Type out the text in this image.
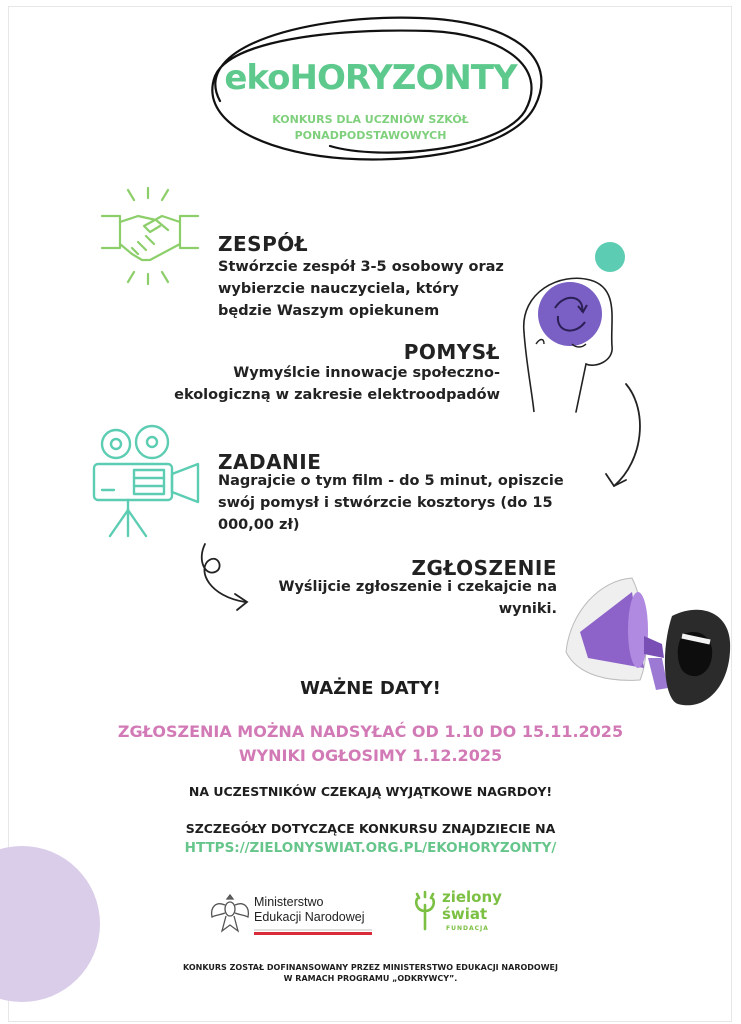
ekoHORYZONTY
KONKURS DLA UCZNIÓW SZKÓŁ
PONADPODSTAWOWYCH
ZESPÓŁ
Stwórzcie zespół 3-5 osobowy oraz
wybierzcie nauczyciela, który
będzie Waszym opiekunem
POMYSŁ
Wymyślcie innowacje społeczno-
ekologiczną w zakresie elektroodpadów
ZADANIE
Nagrajcie o tym film - do 5 minut, opiszcie
swój pomysł i stwórzcie kosztorys (do 15
000,00 zł)
ZGŁOSZENIE
Wyślijcie zgłoszenie i czekajcie na
wyniki.
WAŻNE DATY!
ZGŁOSZENIA MOŻNA NADSYŁAĆ OD 1.10 DO 15.11.2025
WYNIKI OGŁOSIMY 1.12.2025
NA UCZESTNIKÓW CZEKAJĄ WYJĄTKOWE NAGRDOY!
SZCZEGÓŁY DOTYCZĄCE KONKURSU ZNAJDZIECIE NA
HTTPS://ZIELONYSWIAT.ORG.PL/EKOHORYZONTY/
Ministerstwo
Edukacji Narodowej
zielony
świat
FUNDACJA
KONKURS ZOSTAŁ DOFINANSOWANY PRZEZ MINISTERSTWO EDUKACJI NARODOWEJ
W RAMACH PROGRAMU „ODKRYWCY”.
